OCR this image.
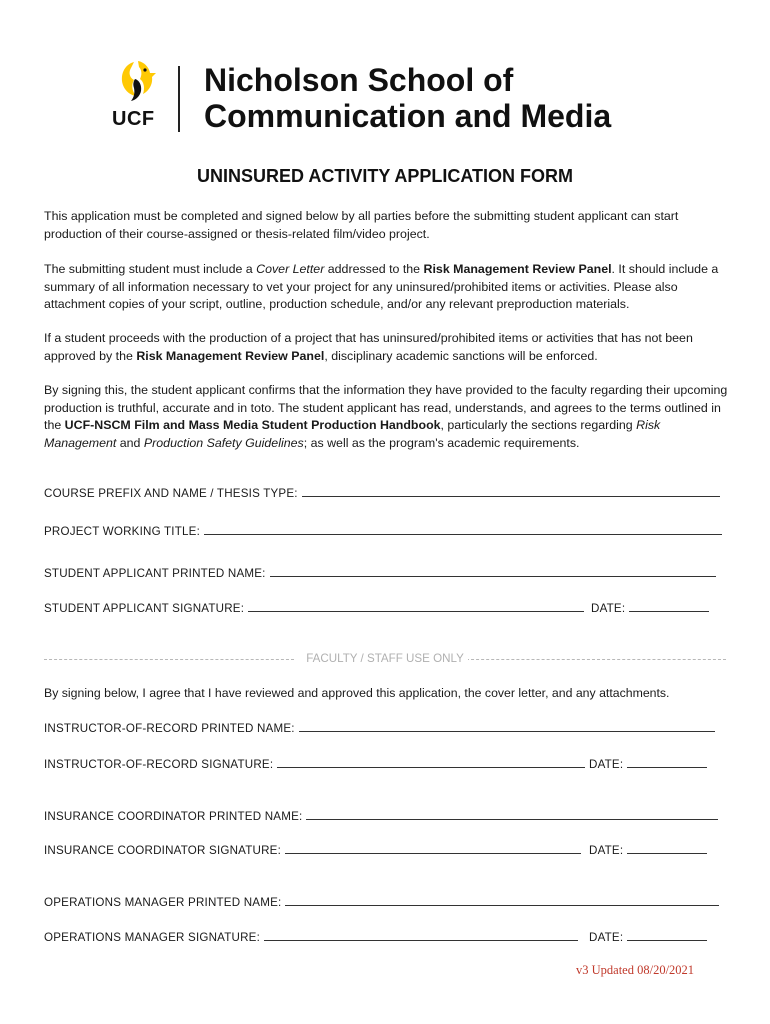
UCF
Nicholson School of
Communication and Media
UNINSURED ACTIVITY APPLICATION FORM
This application must be completed and signed below by all parties before the submitting student applicant can start production of their course-assigned or thesis-related film/video project.
The submitting student must include a Cover Letter addressed to the Risk Management Review Panel. It should include a summary of all information necessary to vet your project for any uninsured/prohibited items or activities. Please also attachment copies of your script, outline, production schedule, and/or any relevant preproduction materials.
If a student proceeds with the production of a project that has uninsured/prohibited items or activities that has not been approved by the Risk Management Review Panel, disciplinary academic sanctions will be enforced.
By signing this, the student applicant confirms that the information they have provided to the faculty regarding their upcoming production is truthful, accurate and in toto. The student applicant has read, understands, and agrees to the terms outlined in the UCF-NSCM Film and Mass Media Student Production Handbook, particularly the sections regarding Risk Management and Production Safety Guidelines; as well as the program's academic requirements.
COURSE PREFIX AND NAME / THESIS TYPE:
PROJECT WORKING TITLE:
STUDENT APPLICANT PRINTED NAME:
STUDENT APPLICANT SIGNATURE:	DATE:
FACULTY / STAFF USE ONLY
By signing below, I agree that I have reviewed and approved this application, the cover letter, and any attachments.
INSTRUCTOR-OF-RECORD PRINTED NAME:
INSTRUCTOR-OF-RECORD SIGNATURE:	DATE:
INSURANCE COORDINATOR PRINTED NAME:
INSURANCE COORDINATOR SIGNATURE:	DATE:
OPERATIONS MANAGER PRINTED NAME:
OPERATIONS MANAGER SIGNATURE:	DATE:
v3 Updated 08/20/2021
